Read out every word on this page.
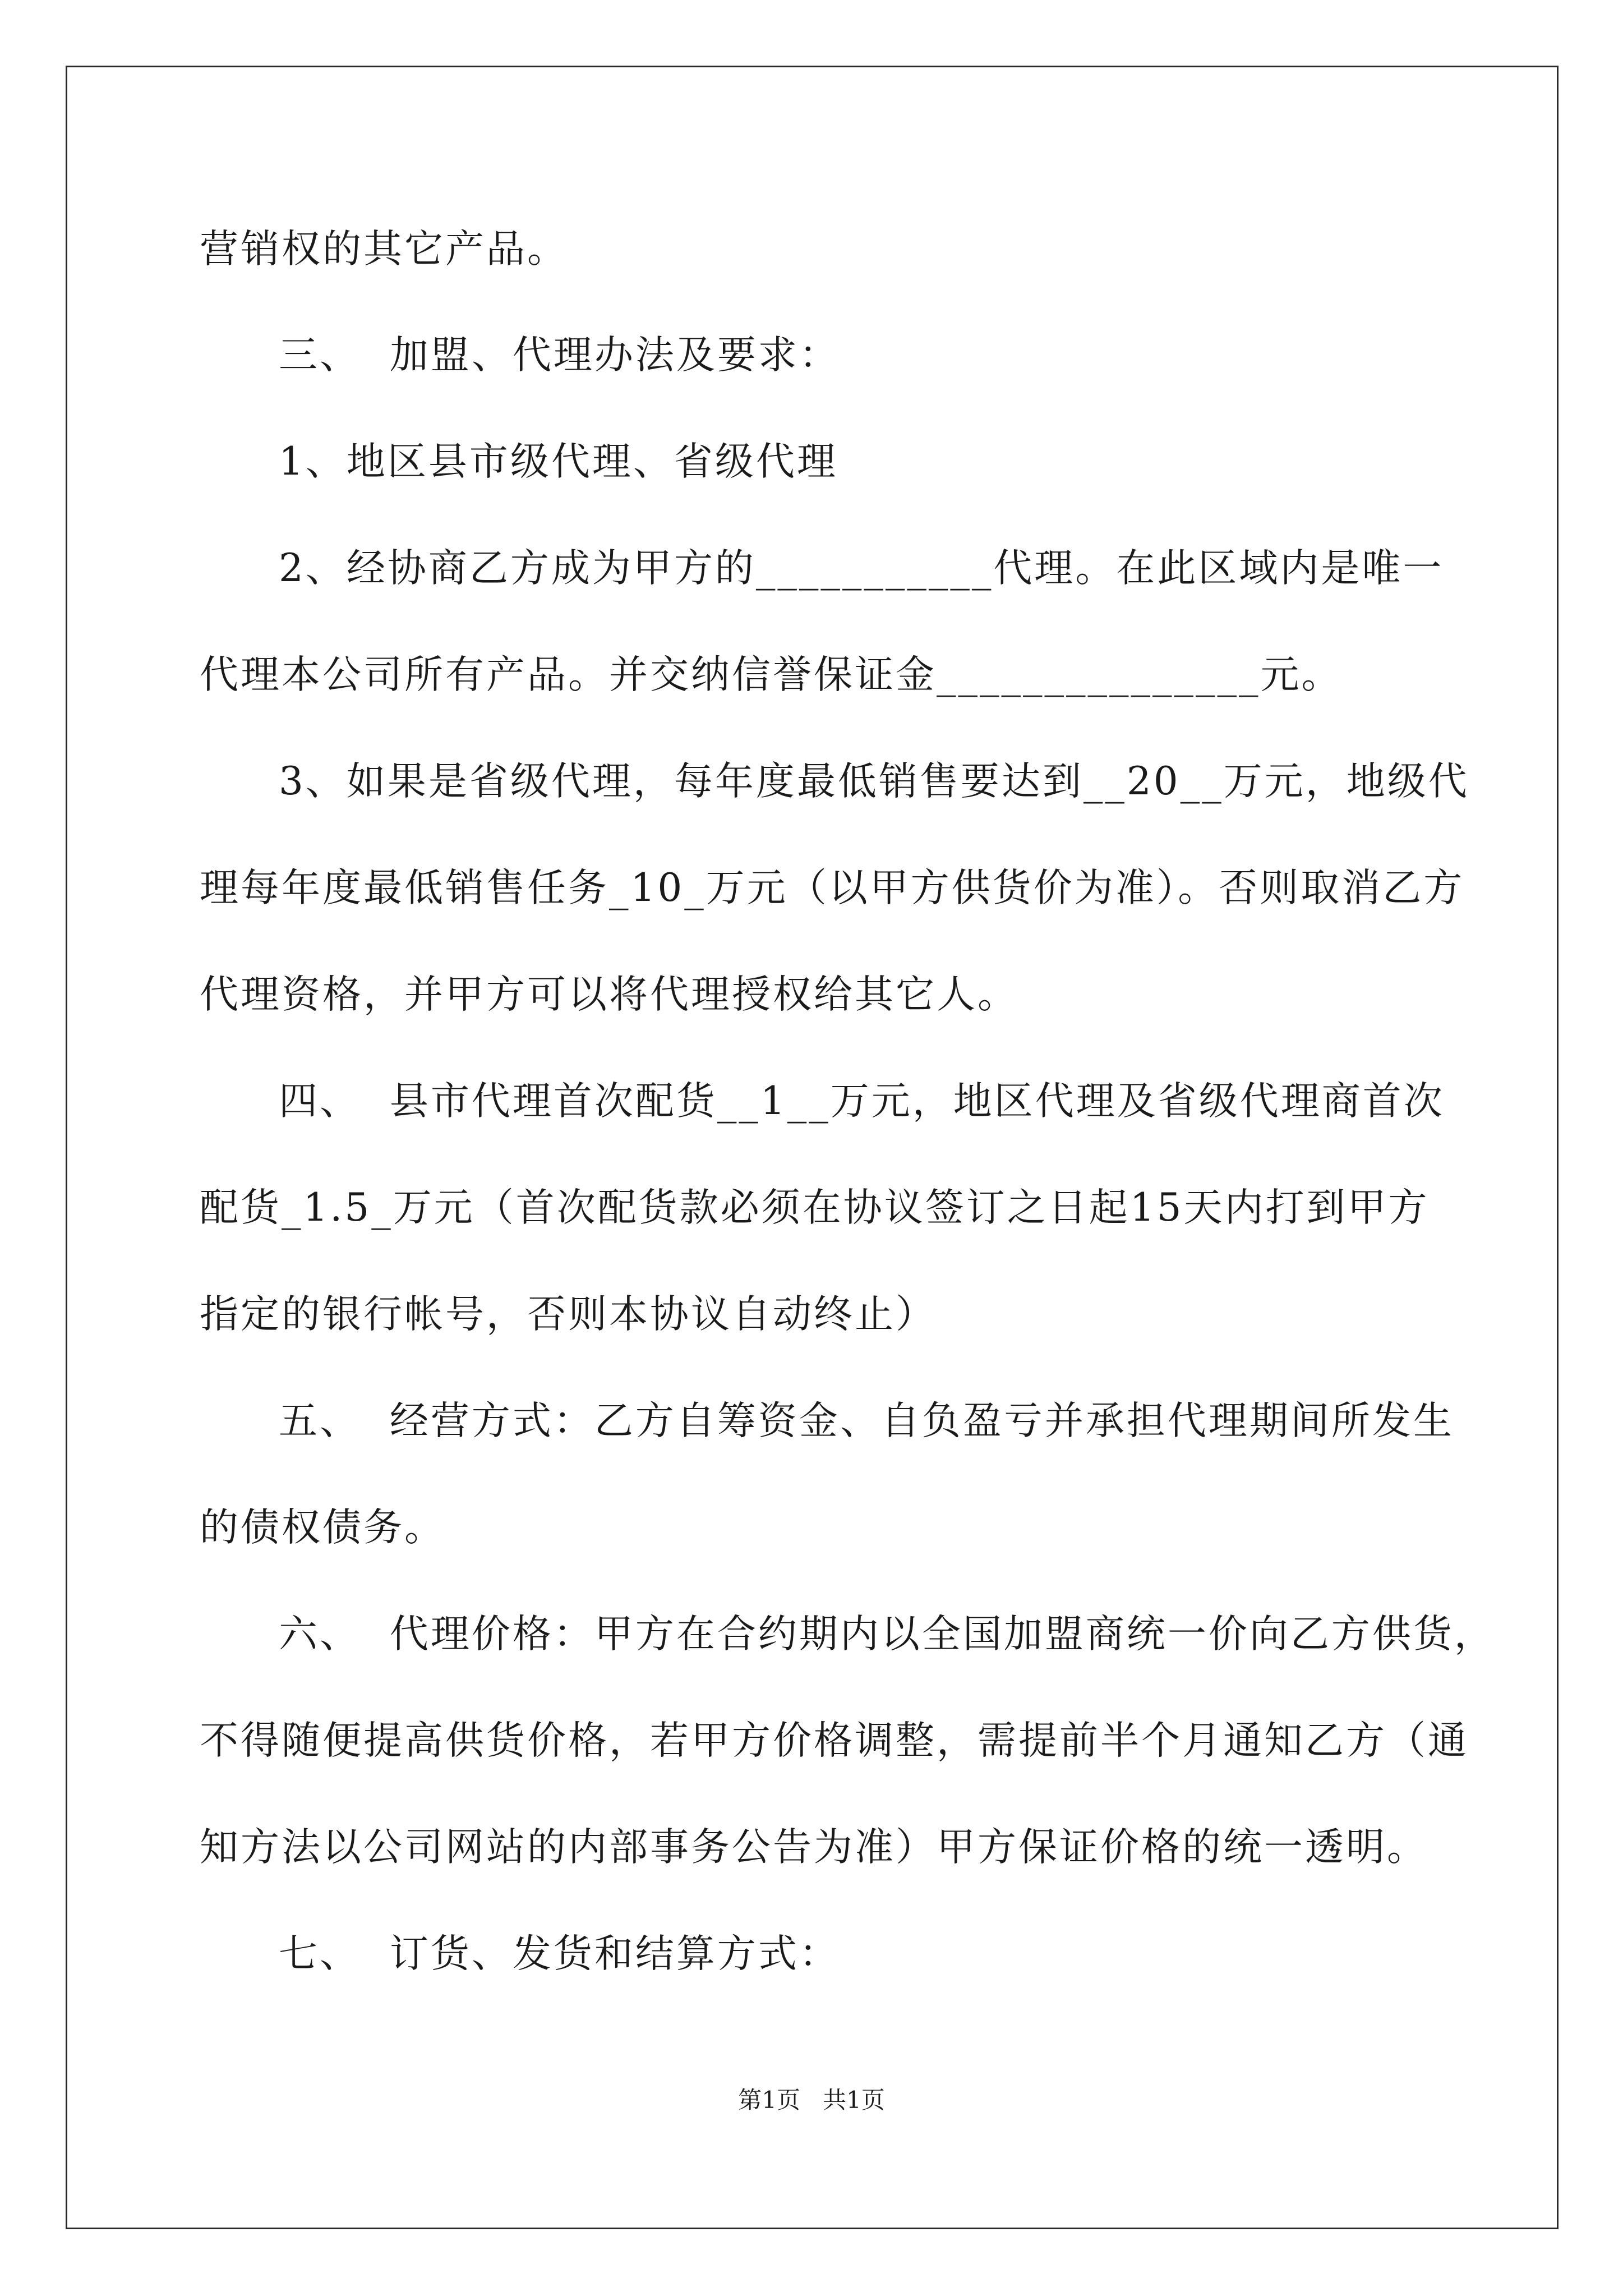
营销权的其它产品。
三、  加盟、代理办法及要求：
1、地区县市级代理、省级代理
2、经协商乙方成为甲方的___________代理。在此区域内是唯一
代理本公司所有产品。并交纳信誉保证金_______________元。
3、如果是省级代理，每年度最低销售要达到__20__万元，地级代
理每年度最低销售任务_10_万元（以甲方供货价为准）。否则取消乙方
代理资格，并甲方可以将代理授权给其它人。
四、  县市代理首次配货__1__万元，地区代理及省级代理商首次
配货_1.5_万元（首次配货款必须在协议签订之日起15天内打到甲方
指定的银行帐号，否则本协议自动终止）
五、  经营方式：乙方自筹资金、自负盈亏并承担代理期间所发生
的债权债务。
六、  代理价格：甲方在合约期内以全国加盟商统一价向乙方供货，
不得随便提高供货价格，若甲方价格调整，需提前半个月通知乙方（通
知方法以公司网站的内部事务公告为准）甲方保证价格的统一透明。
七、  订货、发货和结算方式：
第1页   共1页
